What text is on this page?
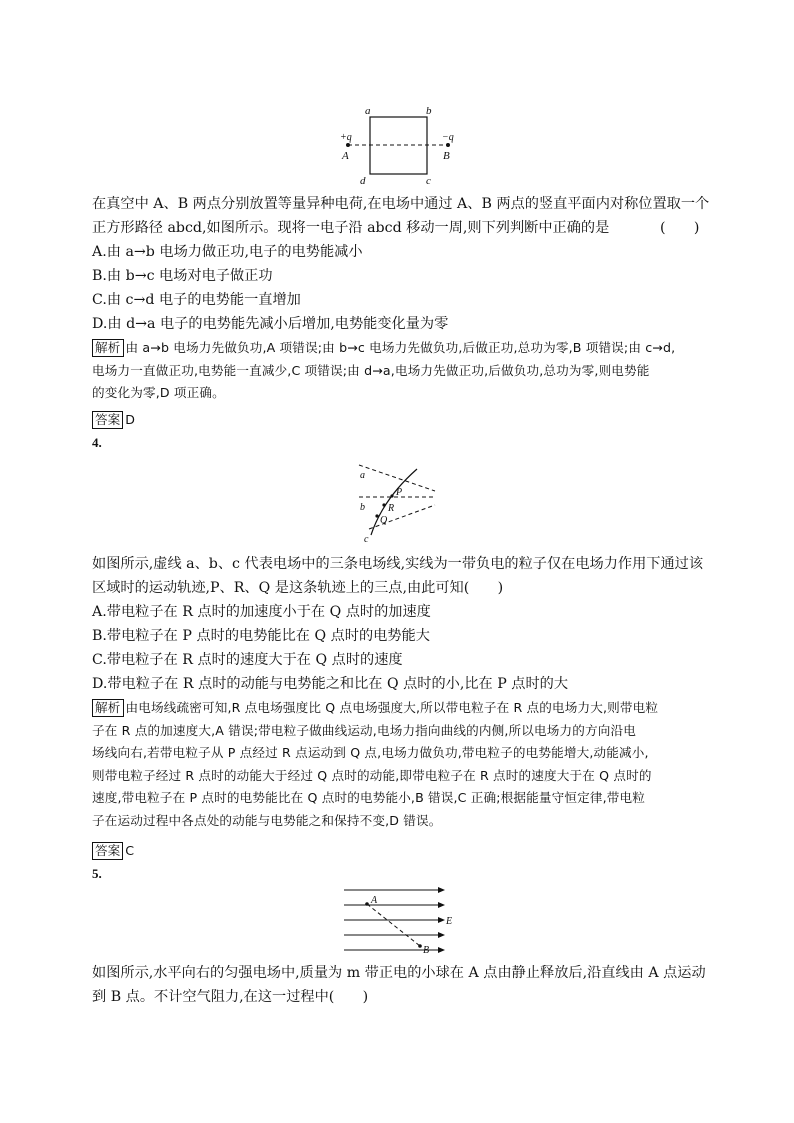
a	b
c
d
+q	−q
A	B
在真空中 A、B 两点分别放置等量异种电荷,在电场中通过 A、B 两点的竖直平面内对称位置取一个
正方形路径 abcd,如图所示。现将一电子沿 abcd 移动一周,则下列判断中正确的是	(　　)
A.由 a→b 电场力做正功,电子的电势能减小
B.由 b→c 电场对电子做正功
C.由 c→d 电子的电势能一直增加
D.由 d→a 电子的电势能先减小后增加,电势能变化量为零
解析 由 a→b 电场力先做负功,A 项错误;由 b→c 电场力先做负功,后做正功,总功为零,B 项错误;由 c→d,
电场力一直做正功,电势能一直减少,C 项错误;由 d→a,电场力先做正功,后做负功,总功为零,则电势能
的变化为零,D 项正确。
答案 D
4.
a
b
c
P
R
Q
如图所示,虚线 a、b、c 代表电场中的三条电场线,实线为一带负电的粒子仅在电场力作用下通过该
区域时的运动轨迹,P、R、Q 是这条轨迹上的三点,由此可知(　　)
A.带电粒子在 R 点时的加速度小于在 Q 点时的加速度
B.带电粒子在 P 点时的电势能比在 Q 点时的电势能大
C.带电粒子在 R 点时的速度大于在 Q 点时的速度
D.带电粒子在 R 点时的动能与电势能之和比在 Q 点时的小,比在 P 点时的大
解析 由电场线疏密可知,R 点电场强度比 Q 点电场强度大,所以带电粒子在 R 点的电场力大,则带电粒
子在 R 点的加速度大,A 错误;带电粒子做曲线运动,电场力指向曲线的内侧,所以电场力的方向沿电
场线向右,若带电粒子从 P 点经过 R 点运动到 Q 点,电场力做负功,带电粒子的电势能增大,动能减小,
则带电粒子经过 R 点时的动能大于经过 Q 点时的动能,即带电粒子在 R 点时的速度大于在 Q 点时的
速度,带电粒子在 P 点时的电势能比在 Q 点时的电势能小,B 错误,C 正确;根据能量守恒定律,带电粒
子在运动过程中各点处的动能与电势能之和保持不变,D 错误。
答案 C
5.
A
B
E
如图所示,水平向右的匀强电场中,质量为 m 带正电的小球在 A 点由静止释放后,沿直线由 A 点运动
到 B 点。不计空气阻力,在这一过程中(　　)
